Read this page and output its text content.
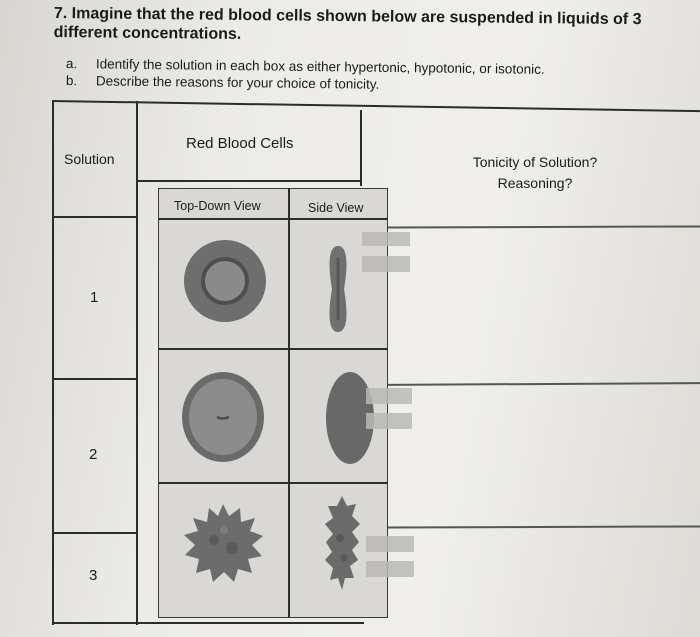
7. Imagine that the red blood cells shown below are suspended in liquids of 3 different concentrations.
a. Identify the solution in each box as either hypertonic, hypotonic, or isotonic.
b. Describe the reasons for your choice of tonicity.
Solution
Red Blood Cells
Tonicity of Solution?
Reasoning?
Top-Down View	Side View
1
2
3
